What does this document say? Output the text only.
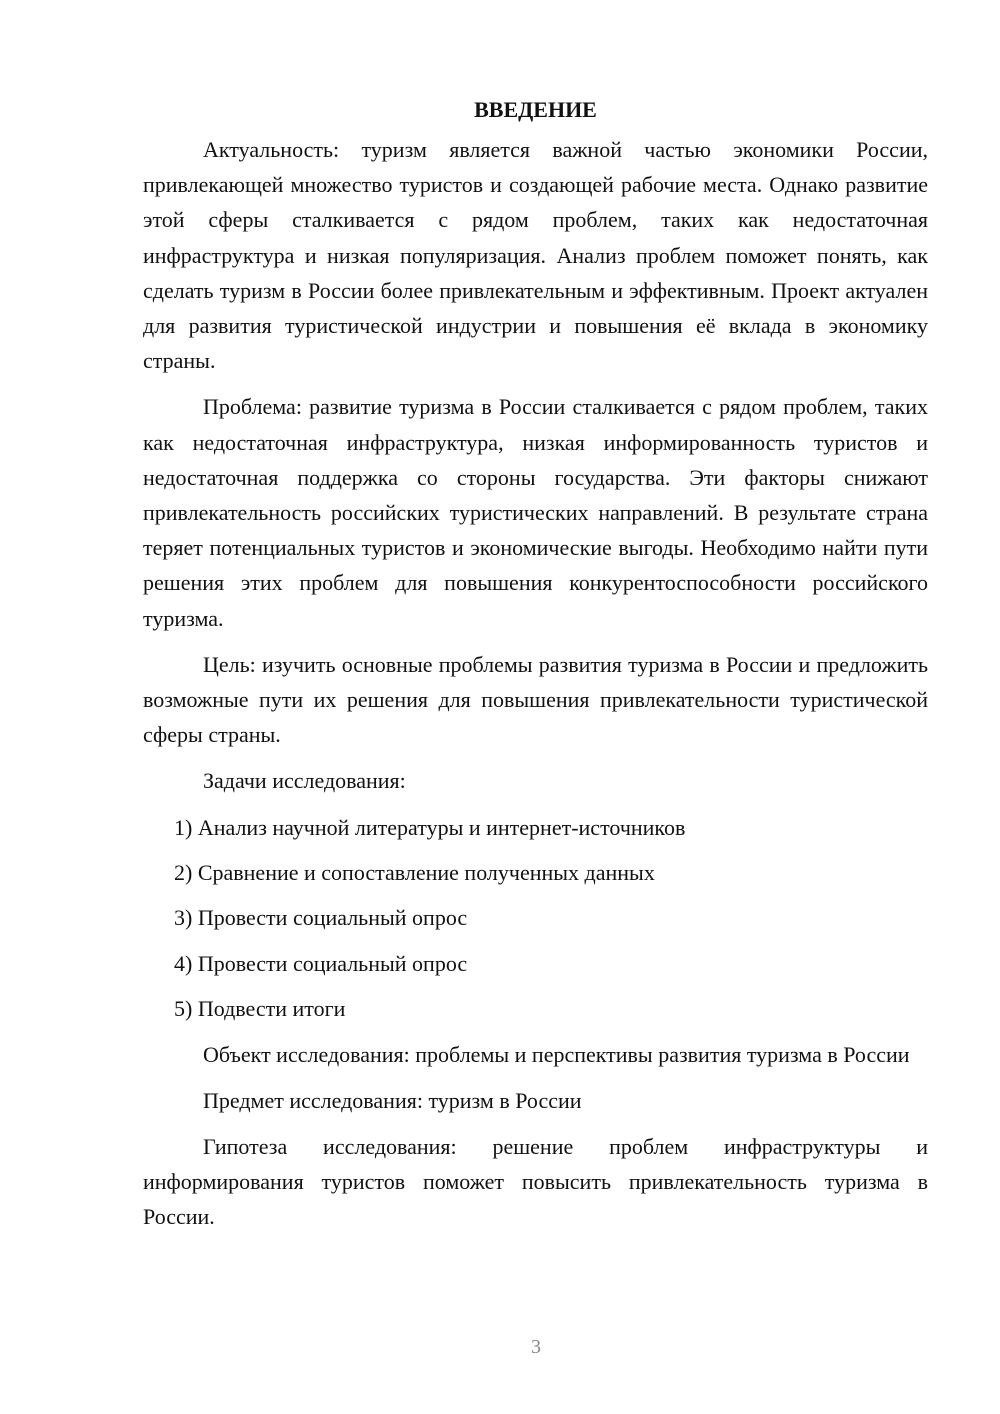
ВВЕДЕНИЕ

Актуальность: туризм является важной частью экономики России, привлекающей множество туристов и создающей рабочие места. Однако развитие этой сферы сталкивается с рядом проблем, таких как недостаточная инфраструктура и низкая популяризация. Анализ проблем поможет понять, как сделать туризм в России более привлекательным и эффективным. Проект актуален для развития туристической индустрии и повышения её вклада в экономику страны.

Проблема: развитие туризма в России сталкивается с рядом проблем, таких как недостаточная инфраструктура, низкая информированность туристов и недостаточная поддержка со стороны государства. Эти факторы снижают привлекательность российских туристических направлений. В результате страна теряет потенциальных туристов и экономические выгоды. Необходимо найти пути решения этих проблем для повышения конкурентоспособности российского туризма.

Цель: изучить основные проблемы развития туризма в России и предложить возможные пути их решения для повышения привлекательности туристической сферы страны.

Задачи исследования:

1) Анализ научной литературы и интернет-источников

2) Сравнение и сопоставление полученных данных

3) Провести социальный опрос

4) Провести социальный опрос

5) Подвести итоги

Объект исследования: проблемы и перспективы развития туризма в России

Предмет исследования: туризм в России

Гипотеза исследования: решение проблем инфраструктуры и информирования туристов поможет повысить привлекательность туризма в России.

3
